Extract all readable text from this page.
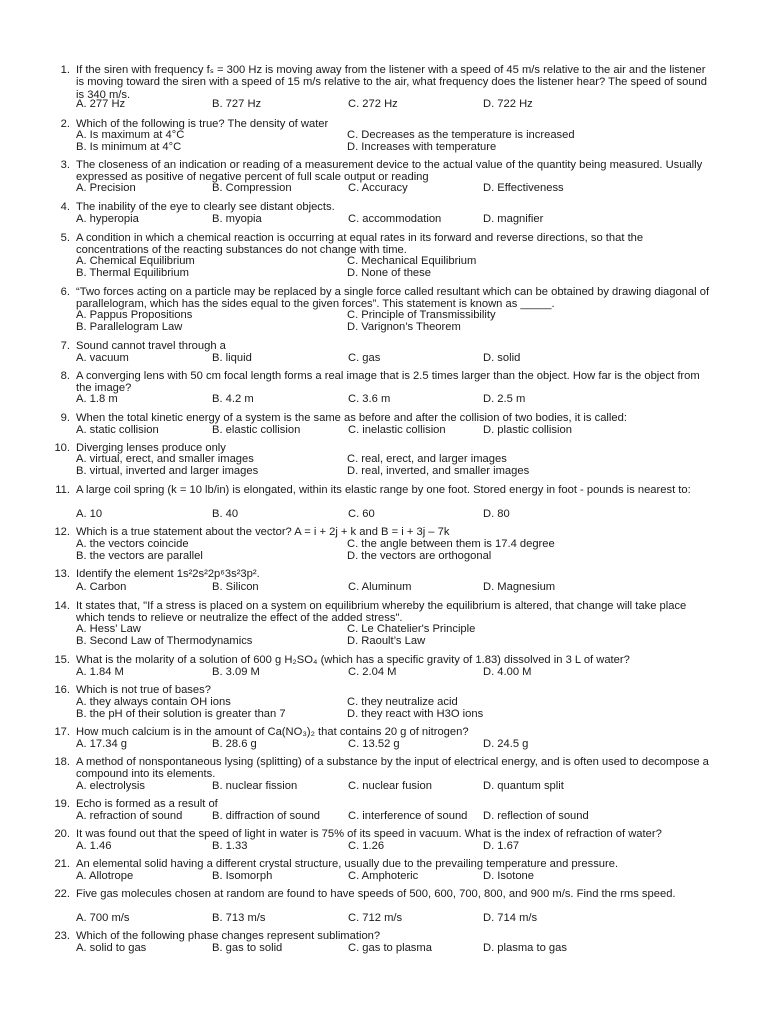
1. If the siren with frequency fₛ = 300 Hz is moving away from the listener with a speed of 45 m/s relative to the air and the listener is moving toward the siren with a speed of 15 m/s relative to the air, what frequency does the listener hear? The speed of sound is 340 m/s.
A. 277 Hz	B. 727 Hz	C. 272 Hz	D. 722 Hz
2. Which of the following is true? The density of water
A. Is maximum at 4°C	C. Decreases as the temperature is increased
B. Is minimum at 4°C	D. Increases with temperature
3. The closeness of an indication or reading of a measurement device to the actual value of the quantity being measured. Usually expressed as positive of negative percent of full scale output or reading
A. Precision	B. Compression	C. Accuracy	D. Effectiveness
4. The inability of the eye to clearly see distant objects.
A. hyperopia	B. myopia	C. accommodation	D. magnifier
5. A condition in which a chemical reaction is occurring at equal rates in its forward and reverse directions, so that the concentrations of the reacting substances do not change with time.
A. Chemical Equilibrium	C. Mechanical Equilibrium
B. Thermal Equilibrium	D. None of these
6. “Two forces acting on a particle may be replaced by a single force called resultant which can be obtained by drawing diagonal of parallelogram, which has the sides equal to the given forces”. This statement is known as _____.
A. Pappus Propositions	C. Principle of Transmissibility
B. Parallelogram Law	D. Varignon’s Theorem
7. Sound cannot travel through a
A. vacuum	B. liquid	C. gas	D. solid
8. A converging lens with 50 cm focal length forms a real image that is 2.5 times larger than the object. How far is the object from the image?
A. 1.8 m	B. 4.2 m	C. 3.6 m	D. 2.5 m
9. When the total kinetic energy of a system is the same as before and after the collision of two bodies, it is called:
A. static collision	B. elastic collision	C. inelastic collision	D. plastic collision
10. Diverging lenses produce only
A. virtual, erect, and smaller images	C. real, erect, and larger images
B. virtual, inverted and larger images	D. real, inverted, and smaller images
11. A large coil spring (k = 10 lb/in) is elongated, within its elastic range by one foot. Stored energy in foot - pounds is nearest to:
A. 10	B. 40	C. 60	D. 80
12. Which is a true statement about the vector? A = i + 2j + k and B = i + 3j – 7k
A. the vectors coincide	C. the angle between them is 17.4 degree
B. the vectors are parallel	D. the vectors are orthogonal
13. Identify the element 1s²2s²2p⁶3s²3p².
A. Carbon	B. Silicon	C. Aluminum	D. Magnesium
14. It states that, "If a stress is placed on a system on equilibrium whereby the equilibrium is altered, that change will take place which tends to relieve or neutralize the effect of the added stress".
A. Hess’ Law	C. Le Chatelier's Principle
B. Second Law of Thermodynamics	D. Raoult’s Law
15. What is the molarity of a solution of 600 g H₂SO₄ (which has a specific gravity of 1.83) dissolved in 3 L of water?
A. 1.84 M	B. 3.09 M	C. 2.04 M	D. 4.00 M
16. Which is not true of bases?
A. they always contain OH ions	C. they neutralize acid
B. the pH of their solution is greater than 7	D. they react with H3O ions
17. How much calcium is in the amount of Ca(NO₃)₂ that contains 20 g of nitrogen?
A. 17.34 g	B. 28.6 g	C. 13.52 g	D. 24.5 g
18. A method of nonspontaneous lysing (splitting) of a substance by the input of electrical energy, and is often used to decompose a compound into its elements.
A. electrolysis	B. nuclear fission	C. nuclear fusion	D. quantum split
19. Echo is formed as a result of
A. refraction of sound	B. diffraction of sound	C. interference of sound	D. reflection of sound
20. It was found out that the speed of light in water is 75% of its speed in vacuum. What is the index of refraction of water?
A. 1.46	B. 1.33	C. 1.26	D. 1.67
21. An elemental solid having a different crystal structure, usually due to the prevailing temperature and pressure.
A. Allotrope	B. Isomorph	C. Amphoteric	D. Isotone
22. Five gas molecules chosen at random are found to have speeds of 500, 600, 700, 800, and 900 m/s. Find the rms speed.
A. 700 m/s	B. 713 m/s	C. 712 m/s	D. 714 m/s
23. Which of the following phase changes represent sublimation?
A. solid to gas	B. gas to solid	C. gas to plasma	D. plasma to gas
